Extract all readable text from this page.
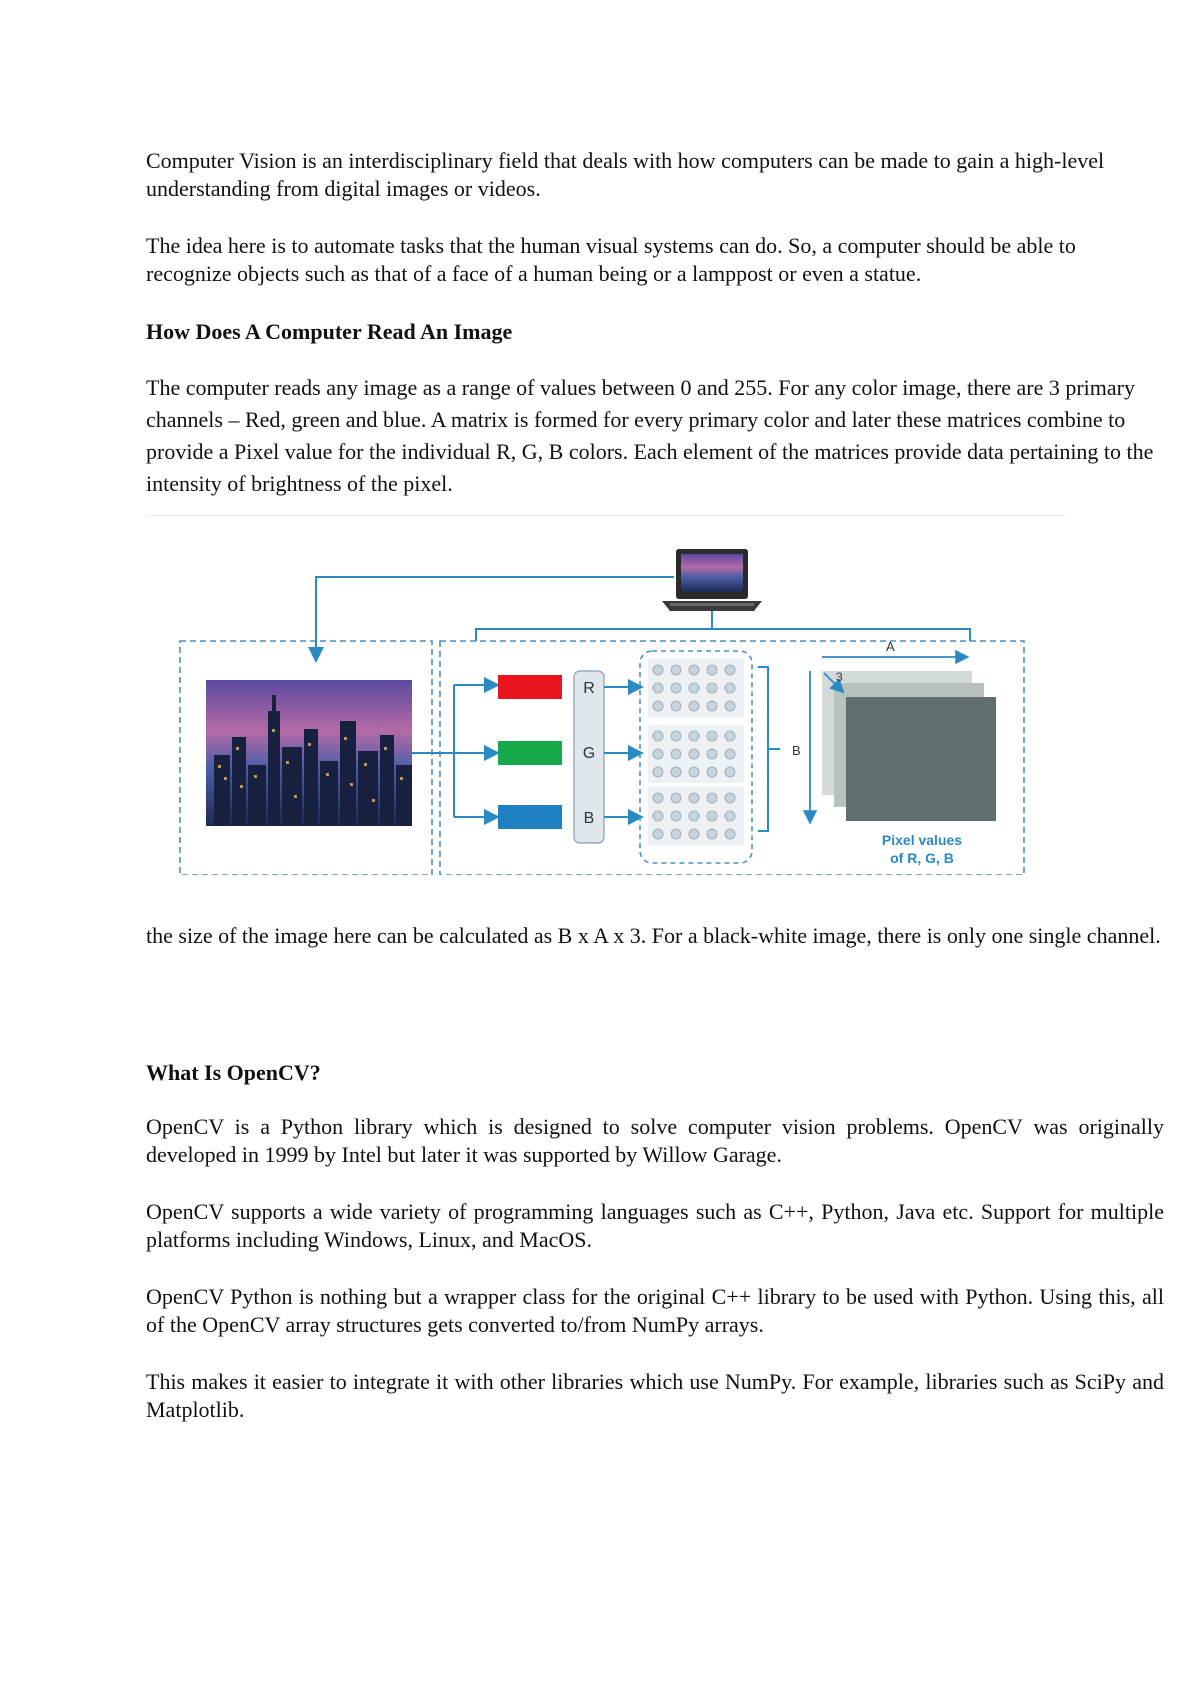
Computer Vision is an interdisciplinary field that deals with how computers can be made to gain a high-level understanding from digital images or videos.

The idea here is to automate tasks that the human visual systems can do. So, a computer should be able to recognize objects such as that of a face of a human being or a lamppost or even a statue.

How Does A Computer Read An Image

The computer reads any image as a range of values between 0 and 255. For any color image, there are 3 primary channels – Red, green and blue. A matrix is formed for every primary color and later these matrices combine to provide a Pixel value for the individual R, G, B colors. Each element of the matrices provide data pertaining to the intensity of brightness of the pixel.

R
G
B
B
A
3
Pixel values
of R, G, B

the size of the image here can be calculated as B x A x 3. For a black-white image, there is only one single channel.

What Is OpenCV?

OpenCV is a Python library which is designed to solve computer vision problems. OpenCV was originally developed in 1999 by Intel but later it was supported by Willow Garage.

OpenCV supports a wide variety of programming languages such as C++, Python, Java etc. Support for multiple platforms including Windows, Linux, and MacOS.

OpenCV Python is nothing but a wrapper class for the original C++ library to be used with Python. Using this, all of the OpenCV array structures gets converted to/from NumPy arrays.

This makes it easier to integrate it with other libraries which use NumPy. For example, libraries such as SciPy and Matplotlib.
